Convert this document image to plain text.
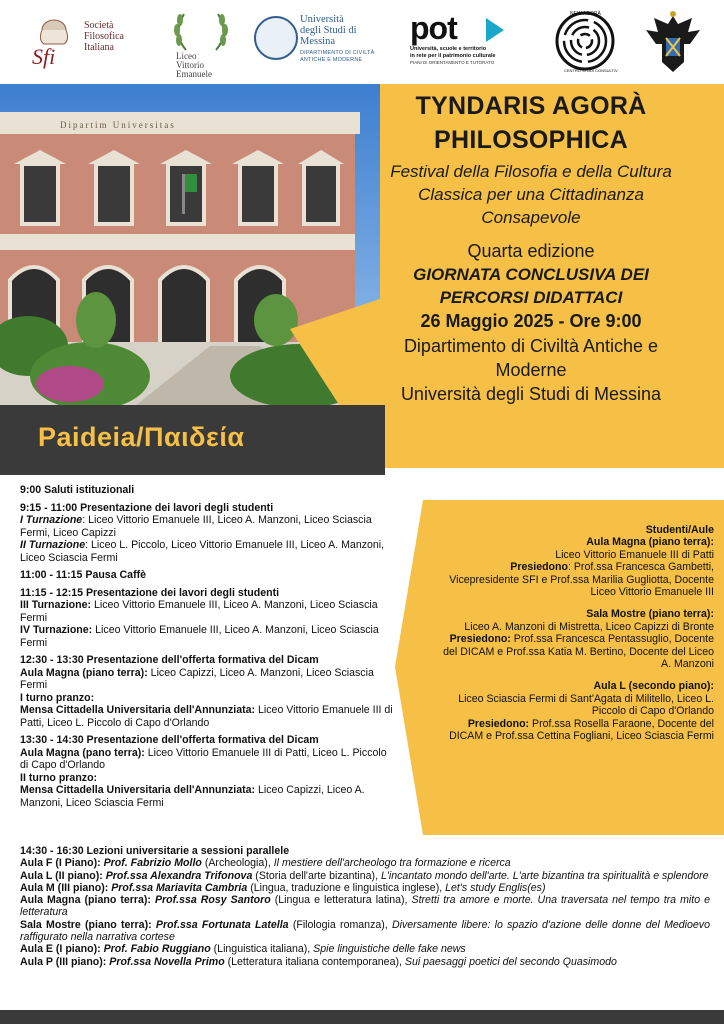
Sfi
Società
Filosofica
Italiana
Liceo
Vittorio
Emanuele
Università
degli Studi di
Messina
DIPARTIMENTO DI CIVILTÀ
ANTICHE E MODERNE
pot
Università, scuole e territorio
in rete per il patrimonio culturale
PIANI DI ORIENTAMENTO E TUTORATO
NEW AGORÀ
CENTRO STUDI CONSULTIVO
Dipartim Universitas
TYNDARIS AGORÀ
PHILOSOPHICA
Festival della Filosofia e della Cultura
Classica per una Cittadinanza
Consapevole
Quarta edizione
GIORNATA CONCLUSIVA DEI
PERCORSI DIDATTACI
26 Maggio 2025 - Ore 9:00
Dipartimento di Civiltà Antiche e
Moderne
Università degli Studi di Messina
Paideia/Παιδεία
Studenti/Aule
Aula Magna (piano terra):
Liceo Vittorio Emanuele III di Patti
Presiedono: Prof.ssa Francesca Gambetti, Vicepresidente SFI e Prof.ssa Marilia Gugliotta, Docente Liceo Vittorio Emanuele III
Sala Mostre (piano terra):
Liceo A. Manzoni di Mistretta, Liceo Capizzi di Bronte
Presiedono: Prof.ssa Francesca Pentassuglio, Docente del DICAM e Prof.ssa Katia M. Bertino, Docente del Liceo A. Manzoni
Aula L (secondo piano):
Liceo Sciascia Fermi di Sant'Agata di Militello, Liceo L. Piccolo di Capo d'Orlando
Presiedono: Prof.ssa Rosella Faraone, Docente del DICAM e Prof.ssa Cettina Fogliani, Liceo Sciascia Fermi
9:00 Saluti istituzionali
9:15 - 11:00 Presentazione dei lavori degli studenti
I Turnazione: Liceo Vittorio Emanuele III, Liceo A. Manzoni, Liceo Sciascia Fermi, Liceo Capizzi
II Turnazione: Liceo L. Piccolo, Liceo Vittorio Emanuele III, Liceo A. Manzoni, Liceo Sciascia Fermi
11:00 - 11:15 Pausa Caffè
11:15 - 12:15 Presentazione dei lavori degli studenti
III Turnazione: Liceo Vittorio Emanuele III, Liceo A. Manzoni, Liceo Sciascia Fermi
IV Turnazione: Liceo Vittorio Emanuele III, Liceo A. Manzoni, Liceo Sciascia Fermi
12:30 - 13:30 Presentazione dell'offerta formativa del Dicam
Aula Magna (piano terra): Liceo Capizzi, Liceo A. Manzoni, Liceo Sciascia Fermi
I turno pranzo:
Mensa Cittadella Universitaria dell'Annunziata: Liceo Vittorio Emanuele III di Patti, Liceo L. Piccolo di Capo d'Orlando
13:30 - 14:30 Presentazione dell'offerta formativa del Dicam
Aula Magna (pano terra): Liceo Vittorio Emanuele III di Patti, Liceo L. Piccolo di Capo d'Orlando
II turno pranzo:
Mensa Cittadella Universitaria dell'Annunziata: Liceo Capizzi, Liceo A. Manzoni, Liceo Sciascia Fermi
14:30 - 16:30 Lezioni universitarie a sessioni parallele
Aula F (I Piano): Prof. Fabrizio Mollo (Archeologia), Il mestiere dell'archeologo tra formazione e ricerca
Aula L (II piano): Prof.ssa Alexandra Trifonova (Storia dell'arte bizantina), L'incantato mondo dell'arte. L'arte bizantina tra spiritualità e splendore
Aula M (III piano): Prof.ssa Mariavita Cambria (Lingua, traduzione e linguistica inglese), Let's study Englis(es)
Aula Magna (piano terra): Prof.ssa Rosy Santoro (Lingua e letteratura latina), Stretti tra amore e morte. Una traversata nel tempo tra mito e letteratura
Sala Mostre (piano terra): Prof.ssa Fortunata Latella (Filologia romanza), Diversamente libere: lo spazio d'azione delle donne del Medioevo raffigurato nella narrativa cortese
Aula E (I piano): Prof. Fabio Ruggiano (Linguistica italiana), Spie linguistiche delle fake news
Aula P (III piano): Prof.ssa Novella Primo (Letteratura italiana contemporanea), Sui paesaggi poetici del secondo Quasimodo
